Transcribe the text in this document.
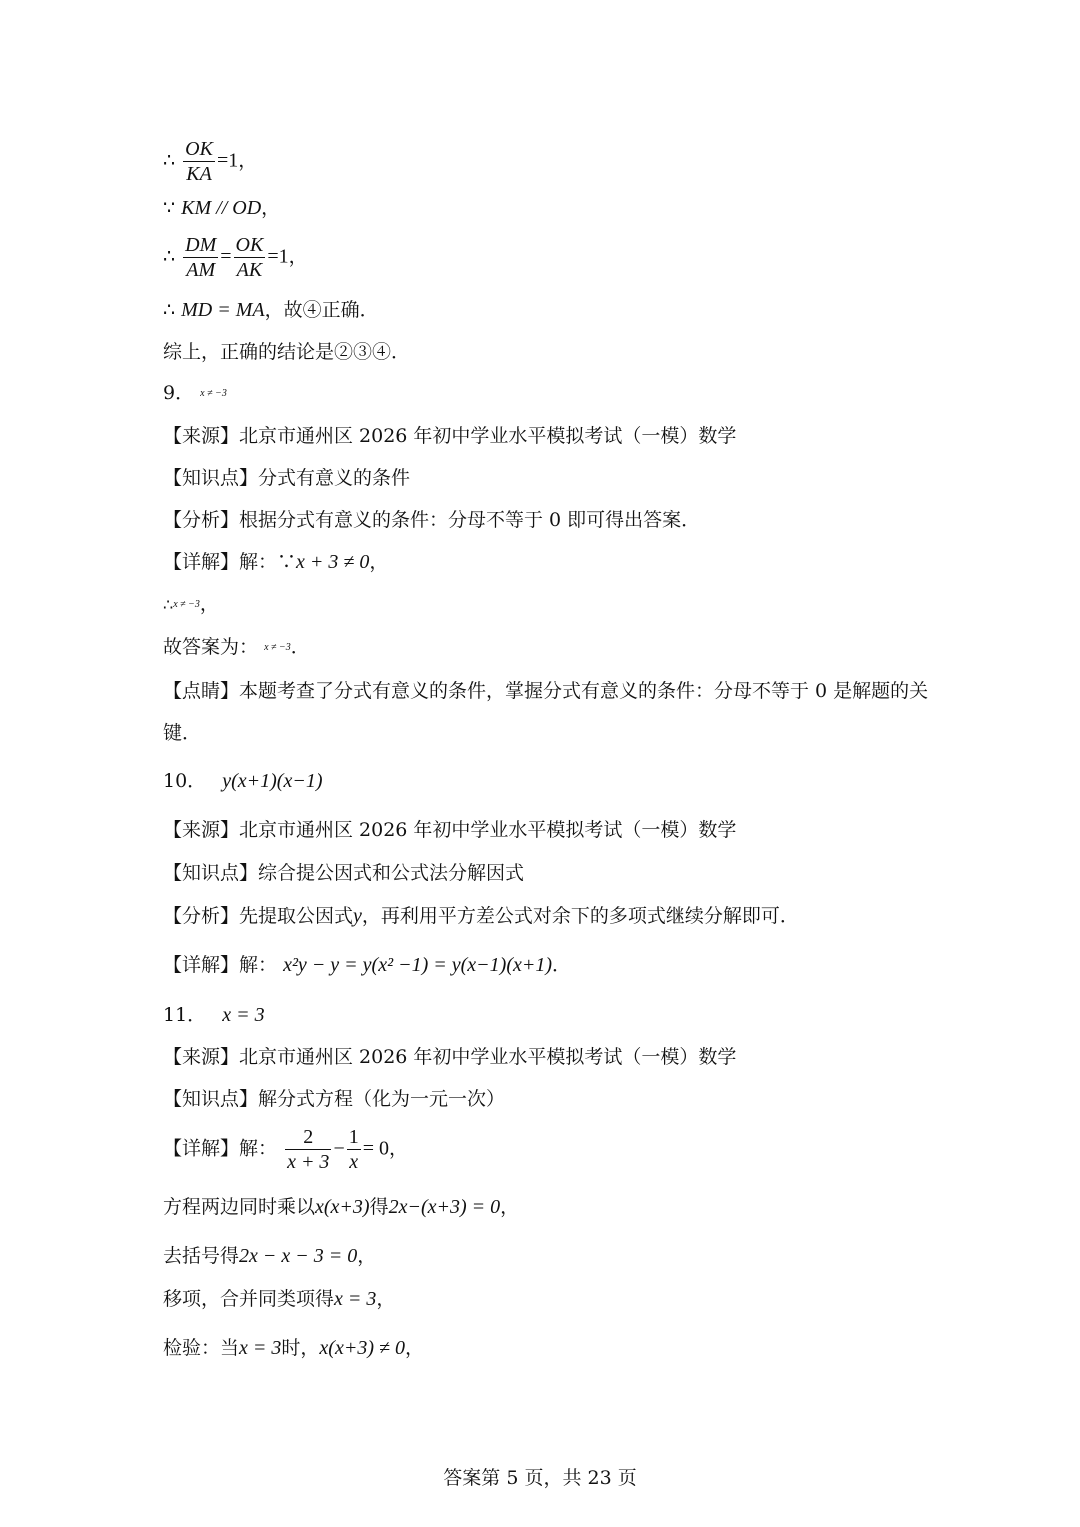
∴ $\frac{OK}{KA} =1$，
∵ KM // OD，
∴ $\frac{DM}{AM} = \frac{OK}{AK} =1$，
∴ MD = MA，故④正确．
综上，正确的结论是②③④．
9． x ≠ −3
【来源】北京市通州区 2026 年初中学业水平模拟考试（一模）数学
【知识点】分式有意义的条件
【分析】根据分式有意义的条件：分母不等于 0 即可得出答案．
【详解】解：∵x + 3 ≠ 0，
∴x ≠ −3，
故答案为： x ≠ −3．
【点睛】本题考查了分式有意义的条件，掌握分式有意义的条件：分母不等于 0 是解题的关
键．
10． y(x+1)(x−1)
【来源】北京市通州区 2026 年初中学业水平模拟考试（一模）数学
【知识点】综合提公因式和公式法分解因式
【分析】先提取公因式y，再利用平方差公式对余下的多项式继续分解即可．
【详解】解： x²y − y = y(x² −1) = y(x−1)(x+1)．
11． x = 3
【来源】北京市通州区 2026 年初中学业水平模拟考试（一模）数学
【知识点】解分式方程（化为一元一次）
【详解】解： $\frac{2}{x + 3} - \frac{1}{x} = 0$，
方程两边同时乘以x(x+3)得2x−(x+3) = 0，
去括号得2x − x − 3 = 0，
移项，合并同类项得x = 3，
检验：当x = 3时，x(x+3) ≠ 0，
答案第 5 页，共 23 页
